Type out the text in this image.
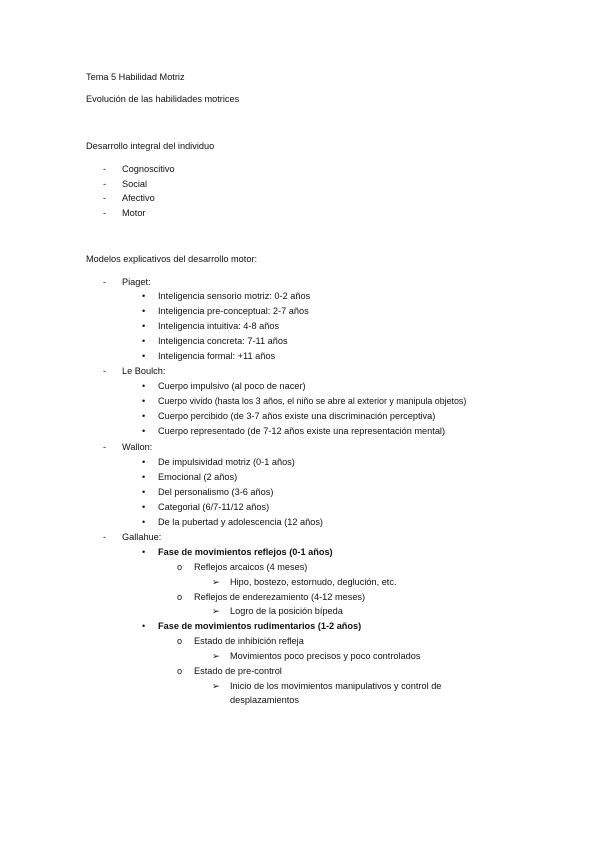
Tema 5 Habilidad Motriz
Evolución de las habilidades motrices
Desarrollo integral del individuo
- Cognoscitivo
- Social
- Afectivo
- Motor
Modelos explicativos del desarrollo motor:
- Piaget:
• Inteligencia sensorio motriz: 0-2 años
• Inteligencia pre-conceptual: 2-7 años
• Inteligencia intuitiva: 4-8 años
• Inteligencia concreta: 7-11 años
• Inteligencia formal: +11 años
- Le Boulch:
• Cuerpo impulsivo (al poco de nacer)
• Cuerpo vivido (hasta los 3 años, el niño se abre al exterior y manipula objetos)
• Cuerpo percibido (de 3-7 años existe una discriminación perceptiva)
• Cuerpo representado (de 7-12 años existe una representación mental)
- Wallon:
• De impulsividad motriz (0-1 años)
• Emocional (2 años)
• Del personalismo (3-6 años)
• Categorial (6/7-11/12 años)
• De la pubertad y adolescencia (12 años)
- Gallahue:
• Fase de movimientos reflejos (0-1 años)
o Reflejos arcaicos (4 meses)
➢ Hipo, bostezo, estornudo, deglución, etc.
o Reflejos de enderezamiento (4-12 meses)
➢ Logro de la posición bípeda
• Fase de movimientos rudimentarios (1-2 años)
o Estado de inhibición refleja
➢ Movimientos poco precisos y poco controlados
o Estado de pre-control
➢ Inicio de los movimientos manipulativos y control de
desplazamientos
